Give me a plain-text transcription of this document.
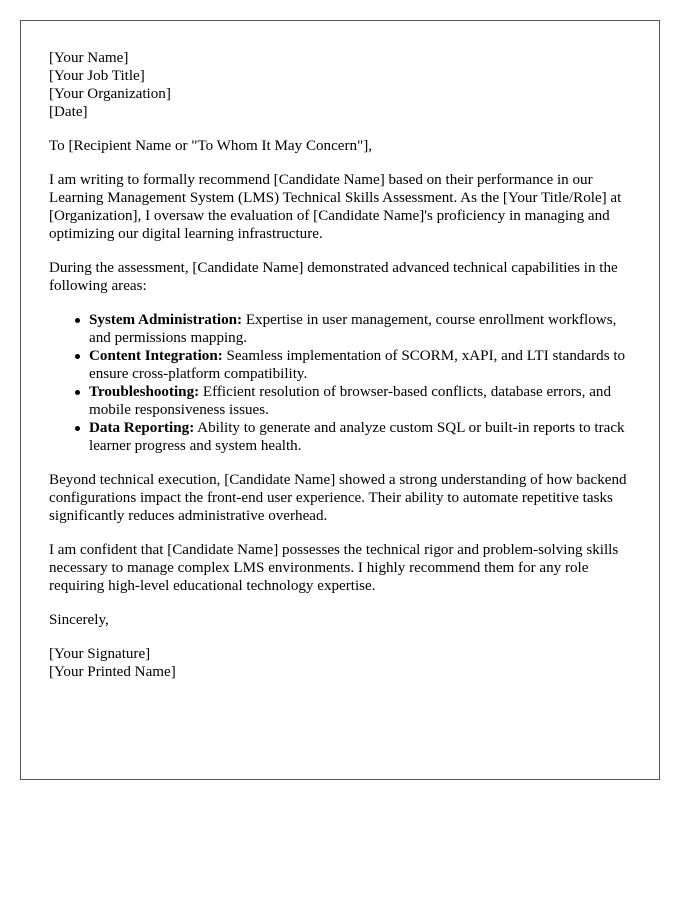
[Your Name]
[Your Job Title]
[Your Organization]
[Date]

To [Recipient Name or "To Whom It May Concern"],

I am writing to formally recommend [Candidate Name] based on their performance in our Learning Management System (LMS) Technical Skills Assessment. As the [Your Title/Role] at [Organization], I oversaw the evaluation of [Candidate Name]'s proficiency in managing and optimizing our digital learning infrastructure.

During the assessment, [Candidate Name] demonstrated advanced technical capabilities in the following areas:

System Administration: Expertise in user management, course enrollment workflows, and permissions mapping.
Content Integration: Seamless implementation of SCORM, xAPI, and LTI standards to ensure cross-platform compatibility.
Troubleshooting: Efficient resolution of browser-based conflicts, database errors, and mobile responsiveness issues.
Data Reporting: Ability to generate and analyze custom SQL or built-in reports to track learner progress and system health.

Beyond technical execution, [Candidate Name] showed a strong understanding of how backend configurations impact the front-end user experience. Their ability to automate repetitive tasks significantly reduces administrative overhead.

I am confident that [Candidate Name] possesses the technical rigor and problem-solving skills necessary to manage complex LMS environments. I highly recommend them for any role requiring high-level educational technology expertise.

Sincerely,

[Your Signature]
[Your Printed Name]
